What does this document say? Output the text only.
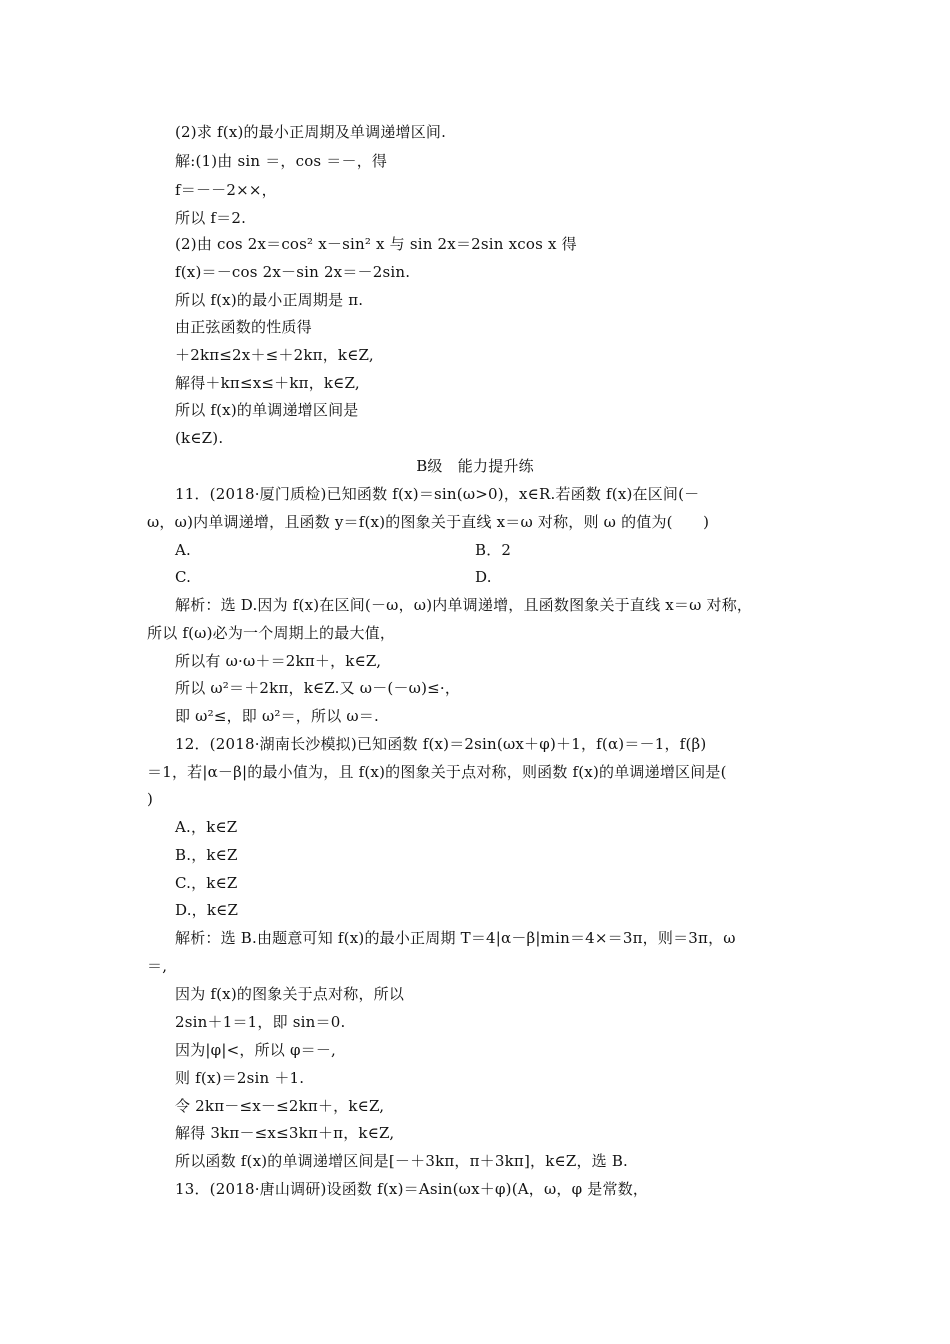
(2)求 f(x)的最小正周期及单调递增区间.
解:(1)由 sin ＝，cos ＝－，得
f＝－－2××，
所以 f＝2.
(2)由 cos 2x＝cos² x－sin² x 与 sin 2x＝2sin xcos x 得
f(x)＝－cos 2x－sin 2x＝－2sin.
所以 f(x)的最小正周期是 π.
由正弦函数的性质得
＋2kπ≤2x＋≤＋2kπ，k∈Z,
解得＋kπ≤x≤＋kπ，k∈Z,
所以 f(x)的单调递增区间是
(k∈Z).
B级　能力提升练
11．(2018·厦门质检)已知函数 f(x)＝sin(ω>0)，x∈R.若函数 f(x)在区间(－
ω，ω)内单调递增，且函数 y＝f(x)的图象关于直线 x＝ω 对称，则 ω 的值为(　　)
A.	B．2
C.	D.
解析：选 D.因为 f(x)在区间(－ω，ω)内单调递增，且函数图象关于直线 x＝ω 对称，
所以 f(ω)必为一个周期上的最大值，
所以有 ω·ω＋＝2kπ＋，k∈Z,
所以 ω²＝＋2kπ，k∈Z.又 ω－(－ω)≤·，
即 ω²≤，即 ω²＝，所以 ω＝.
12．(2018·湖南长沙模拟)已知函数 f(x)＝2sin(ωx＋φ)＋1，f(α)＝－1，f(β)
＝1，若|α－β|的最小值为，且 f(x)的图象关于点对称，则函数 f(x)的单调递增区间是(
)
A.，k∈Z
B.，k∈Z
C.，k∈Z
D.，k∈Z
解析：选 B.由题意可知 f(x)的最小正周期 T＝4|α－β|min＝4×＝3π，则＝3π，ω
＝,
因为 f(x)的图象关于点对称，所以
2sin＋1＝1，即 sin＝0.
因为|φ|<，所以 φ＝－,
则 f(x)＝2sin ＋1.
令 2kπ－≤x－≤2kπ＋，k∈Z,
解得 3kπ－≤x≤3kπ＋π，k∈Z,
所以函数 f(x)的单调递增区间是[－＋3kπ，π＋3kπ]，k∈Z，选 B.
13．(2018·唐山调研)设函数 f(x)＝Asin(ωx＋φ)(A，ω，φ 是常数，
